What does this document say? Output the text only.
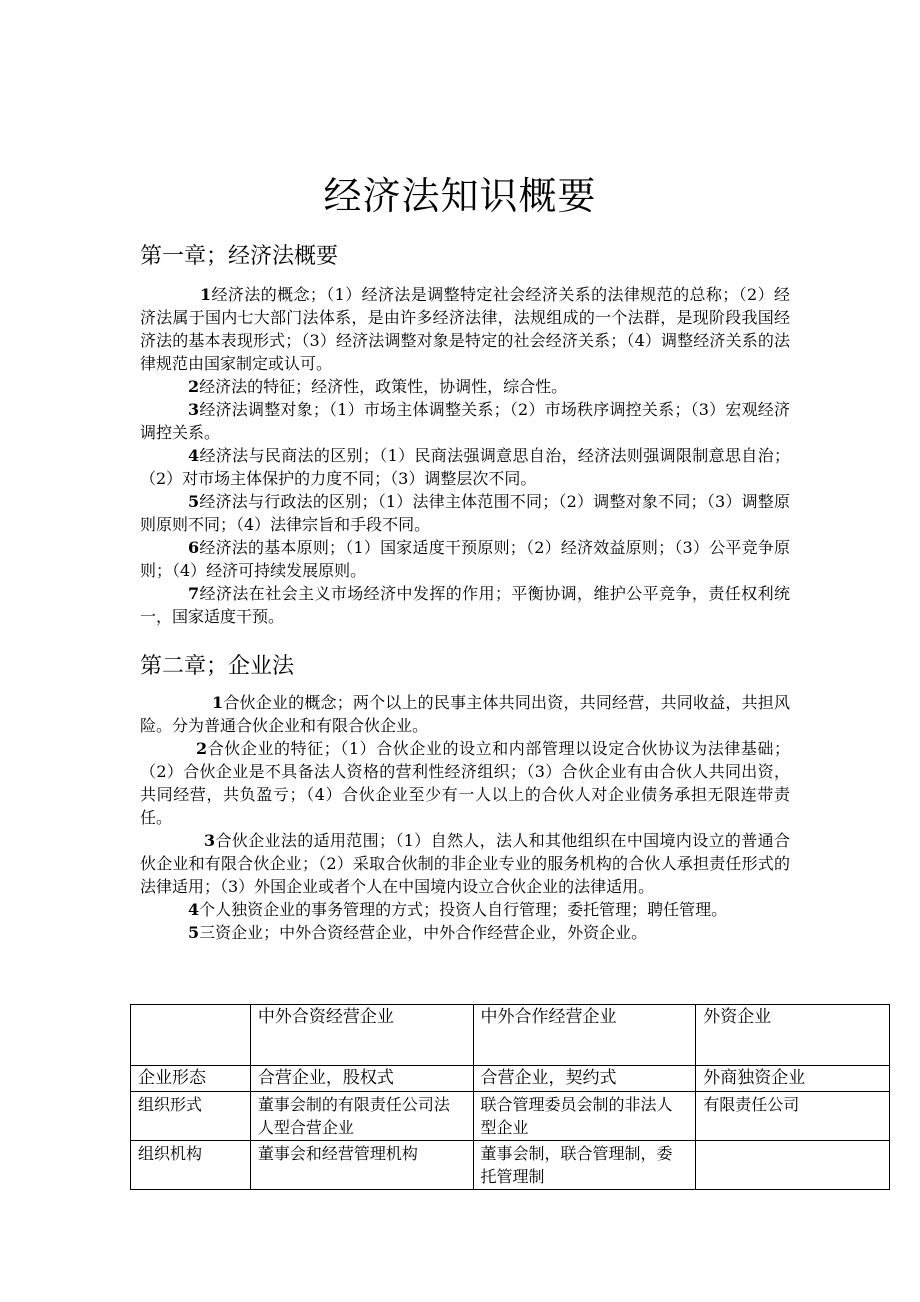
经济法知识概要
第一章；经济法概要

1经济法的概念；（1）经济法是调整特定社会经济关系的法律规范的总称；（2）经济法属于国内七大部门法体系，是由许多经济法律，法规组成的一个法群，是现阶段我国经济法的基本表现形式；（3）经济法调整对象是特定的社会经济关系；（4）调整经济关系的法律规范由国家制定或认可。

2经济法的特征；经济性，政策性，协调性，综合性。

3经济法调整对象；（1）市场主体调整关系；（2）市场秩序调控关系；（3）宏观经济调控关系。

4经济法与民商法的区别；（1）民商法强调意思自治，经济法则强调限制意思自治；（2）对市场主体保护的力度不同；（3）调整层次不同。

5经济法与行政法的区别；（1）法律主体范围不同；（2）调整对象不同；（3）调整原则原则不同；（4）法律宗旨和手段不同。

6经济法的基本原则；（1）国家适度干预原则；（2）经济效益原则；（3）公平竞争原则；（4）经济可持续发展原则。

7经济法在社会主义市场经济中发挥的作用；平衡协调，维护公平竞争，责任权利统一，国家适度干预。

第二章；企业法

1合伙企业的概念；两个以上的民事主体共同出资，共同经营，共同收益，共担风险。分为普通合伙企业和有限合伙企业。

2合伙企业的特征；（1）合伙企业的设立和内部管理以设定合伙协议为法律基础；（2）合伙企业是不具备法人资格的营利性经济组织；（3）合伙企业有由合伙人共同出资，共同经营，共负盈亏；（4）合伙企业至少有一人以上的合伙人对企业债务承担无限连带责任。

3合伙企业法的适用范围；（1）自然人，法人和其他组织在中国境内设立的普通合伙企业和有限合伙企业；（2）采取合伙制的非企业专业的服务机构的合伙人承担责任形式的法律适用；（3）外国企业或者个人在中国境内设立合伙企业的法律适用。

4个人独资企业的事务管理的方式；投资人自行管理；委托管理；聘任管理。

5三资企业；中外合资经营企业，中外合作经营企业，外资企业。

	中外合资经营企业	中外合作经营企业	外资企业
企业形态	合营企业，股权式	合营企业，契约式	外商独资企业
组织形式	董事会制的有限责任公司法人型合营企业	联合管理委员会制的非法人型企业	有限责任公司
组织机构	董事会和经营管理机构	董事会制，联合管理制，委托管理制	
